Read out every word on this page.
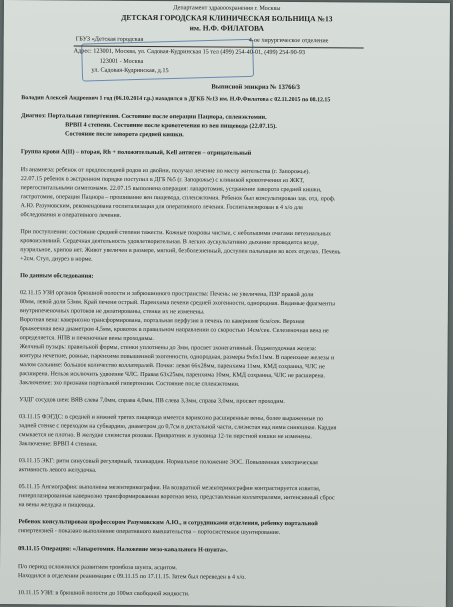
Департамент здравоохранения г. Москвы
ДЕТСКАЯ ГОРОДСКАЯ КЛИНИЧЕСКАЯ БОЛЬНИЦА №13
им. Н.Ф. ФИЛАТОВА
ГБУЗ «Детская городская	4-ое хирургическое отделение
Адрес: 123001, Москва, ул. Садовая-Кудринская 15 тел (499) 254-40-01, (499) 254-90-93
123001 - Москва
ул. Садовая-Кудринская, д.15
Выписной эпикриз № 13766/3
Володин Алексей Андреевич 1 год (06.10.2014 г.р.) находился в ДГКБ №13 им. Н.Ф.Филатова с 02.11.2015 по 08.12.15
Диагноз: Портальная гипертензия. Состояние после операции Пацнора, спленэктомии.
ВРВП 4 степени. Состояние после кровотечения из вен пищевода (22.07.15).
Состояние после заворота средней кишки.
Группа крови А(II) – вторая, Rh + положительный, Kell антиген – отрицательный
Из анамнеза: ребенок от предпоследней родов из двойни, получал лечение по месту жительства (г. Запорожье).
22.07.15 ребенок в экстренном порядке поступил в ДГБ №5 (г. Запорожье) с клиникой кровотечения из ЖКТ,
перегоспитальными симптомами. 22.07.15 выполнена операция: лапаротомия, устранение заворота средней кишки,
гастротомия, операция Пацнора – прошивание вен пищевода, спленэктомия. Ребенок был консультирован зав. отд. проф.
А.Ю. Разумовским, рекомендована госпитализация для оперативного лечения. Госпитализирован в 4 х/о для
обследования и оперативного лечения.
При поступлении: состояние средней степени тяжести. Кожные покровы чистые, с небольшими очагами петехиальных
кровоизлияний. Сердечная деятельность удовлетворительная. В легких аускультативно дыхание проводится везде,
пуэрильное, хрипов нет. Живот увеличен в размере, мягкий, безболезненный, доступен пальпации во всех отделах. Печень
+2см. Стул, диурез в норме.
По данным обследования:
02.11.15 УЗИ органов брюшной полости и забрюшинного пространства: Печень: не увеличена, ПЗР правой доли
80мм, левой доли 53мм. Край печени острый. Паренхима печени средней эхогенности, однородная. Видимые фрагменты
внутрипеченочных протоков не дилатированы, стенки их не изменены.
Воротная вена: кавернозно трансформирована, портальная перфузия в печень по каверноме 6см/сек. Верхняя
брыжеечная вена диаметром 4,5мм, кровоток в правильном направлении со скоростью 14см/сек. Селезеночная вена не
определяется. НПВ и печеночные вены проходимы.
Желчный пузырь: правильной формы, стенки уплотнены до 3мм, просвет эхонегативный. Поджелудочная железа:
контуры нечеткие, ровные, паренхима повышенной эхогенности, однородная, размеры 9х6х11мм. В паренхиме железы и
малом сальнике: большое количество коллатералей. Почки: левая 66х28мм, паренхима 11мм, КМД сохранна, ЧЛС не
расширена. Нельзя исключить удвоение ЧЛС. Правая 63х25мм, паренхима 10мм, КМД сохранна, ЧЛС не расширена.
Заключение: эхо признаки портальной гипертензии. Состояние после спленэктомии.
УЗДГ сосудов шеи: ВЯВ слева 7,0мм, справа 4,0мм, ПВ слева 3,3мм, справа 3,0мм, просвет проходим.
03.11.15 ФЭГДС: в средней и нижней третях пищевода имеется варикозно расширенные вены, более выраженные по
задней стенке с переходом на субкардию, диаметром до 0,7см в дистальной части, слизистая над ними синюшная. Кардия
смыкается не плотно. В желудке слизистая розовая. Привратник и луковица 12-ти перстной кишки не изменены.
Заключение: ВРВП 4 степени.
03.11.15 ЭКГ: ритм синусовый регулярный, тахикардия. Нормальное положение ЭОС. Повышенная электрическая
активность левого желудочка.
05.11.15 Ангиография: выполнена мезентерикография. На возвратной мезентерикографии контрастируется извитая,
гиперплазированная кавернозно трансформированная воротная вена, представленная коллатералями, интенсивный сброс
на вены желудка и пищевода.
Ребенок консультирован профессором Разумовским А.Ю., и сотрудниками отделения, ребенку портальной
гипертензией - показано выполнение оперативного вмешательства – портосистемное шунтирование.
09.11.15 Операция: «Лапаротомия. Наложение мезо-кавального Н-шунта».
П/о период осложнился развитием тромбоза шунта, асцитом.
Находился в отделении реанимации с 09.11.15 по 17.11.15. Затем был переведен в 4 х/о.
10.11.15 УЗИ: в брюшной полости до 100мл свободной жидкости.
